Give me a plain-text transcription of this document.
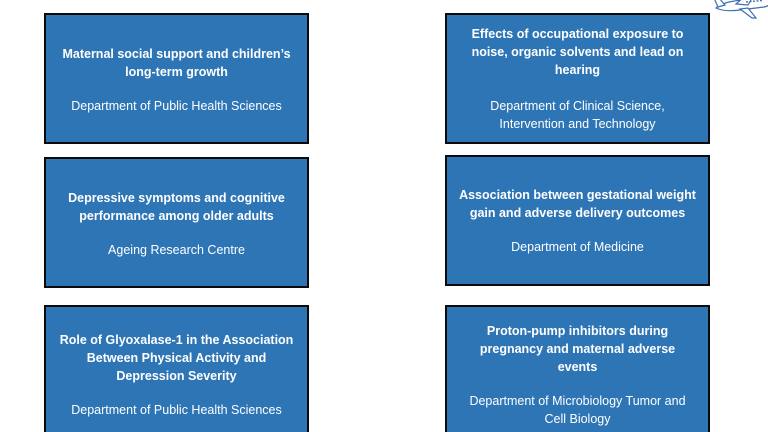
Maternal social support and children’s long-term growth
Department of Public Health Sciences
Effects of occupational exposure to noise, organic solvents and lead on hearing
Department of Clinical Science, Intervention and Technology
Depressive symptoms and cognitive performance among older adults
Ageing Research Centre
Association between gestational weight gain and adverse delivery outcomes
Department of Medicine
Role of Glyoxalase-1 in the Association Between Physical Activity and Depression Severity
Department of Public Health Sciences
Proton-pump inhibitors during pregnancy and maternal adverse events
Department of Microbiology Tumor and Cell Biology
